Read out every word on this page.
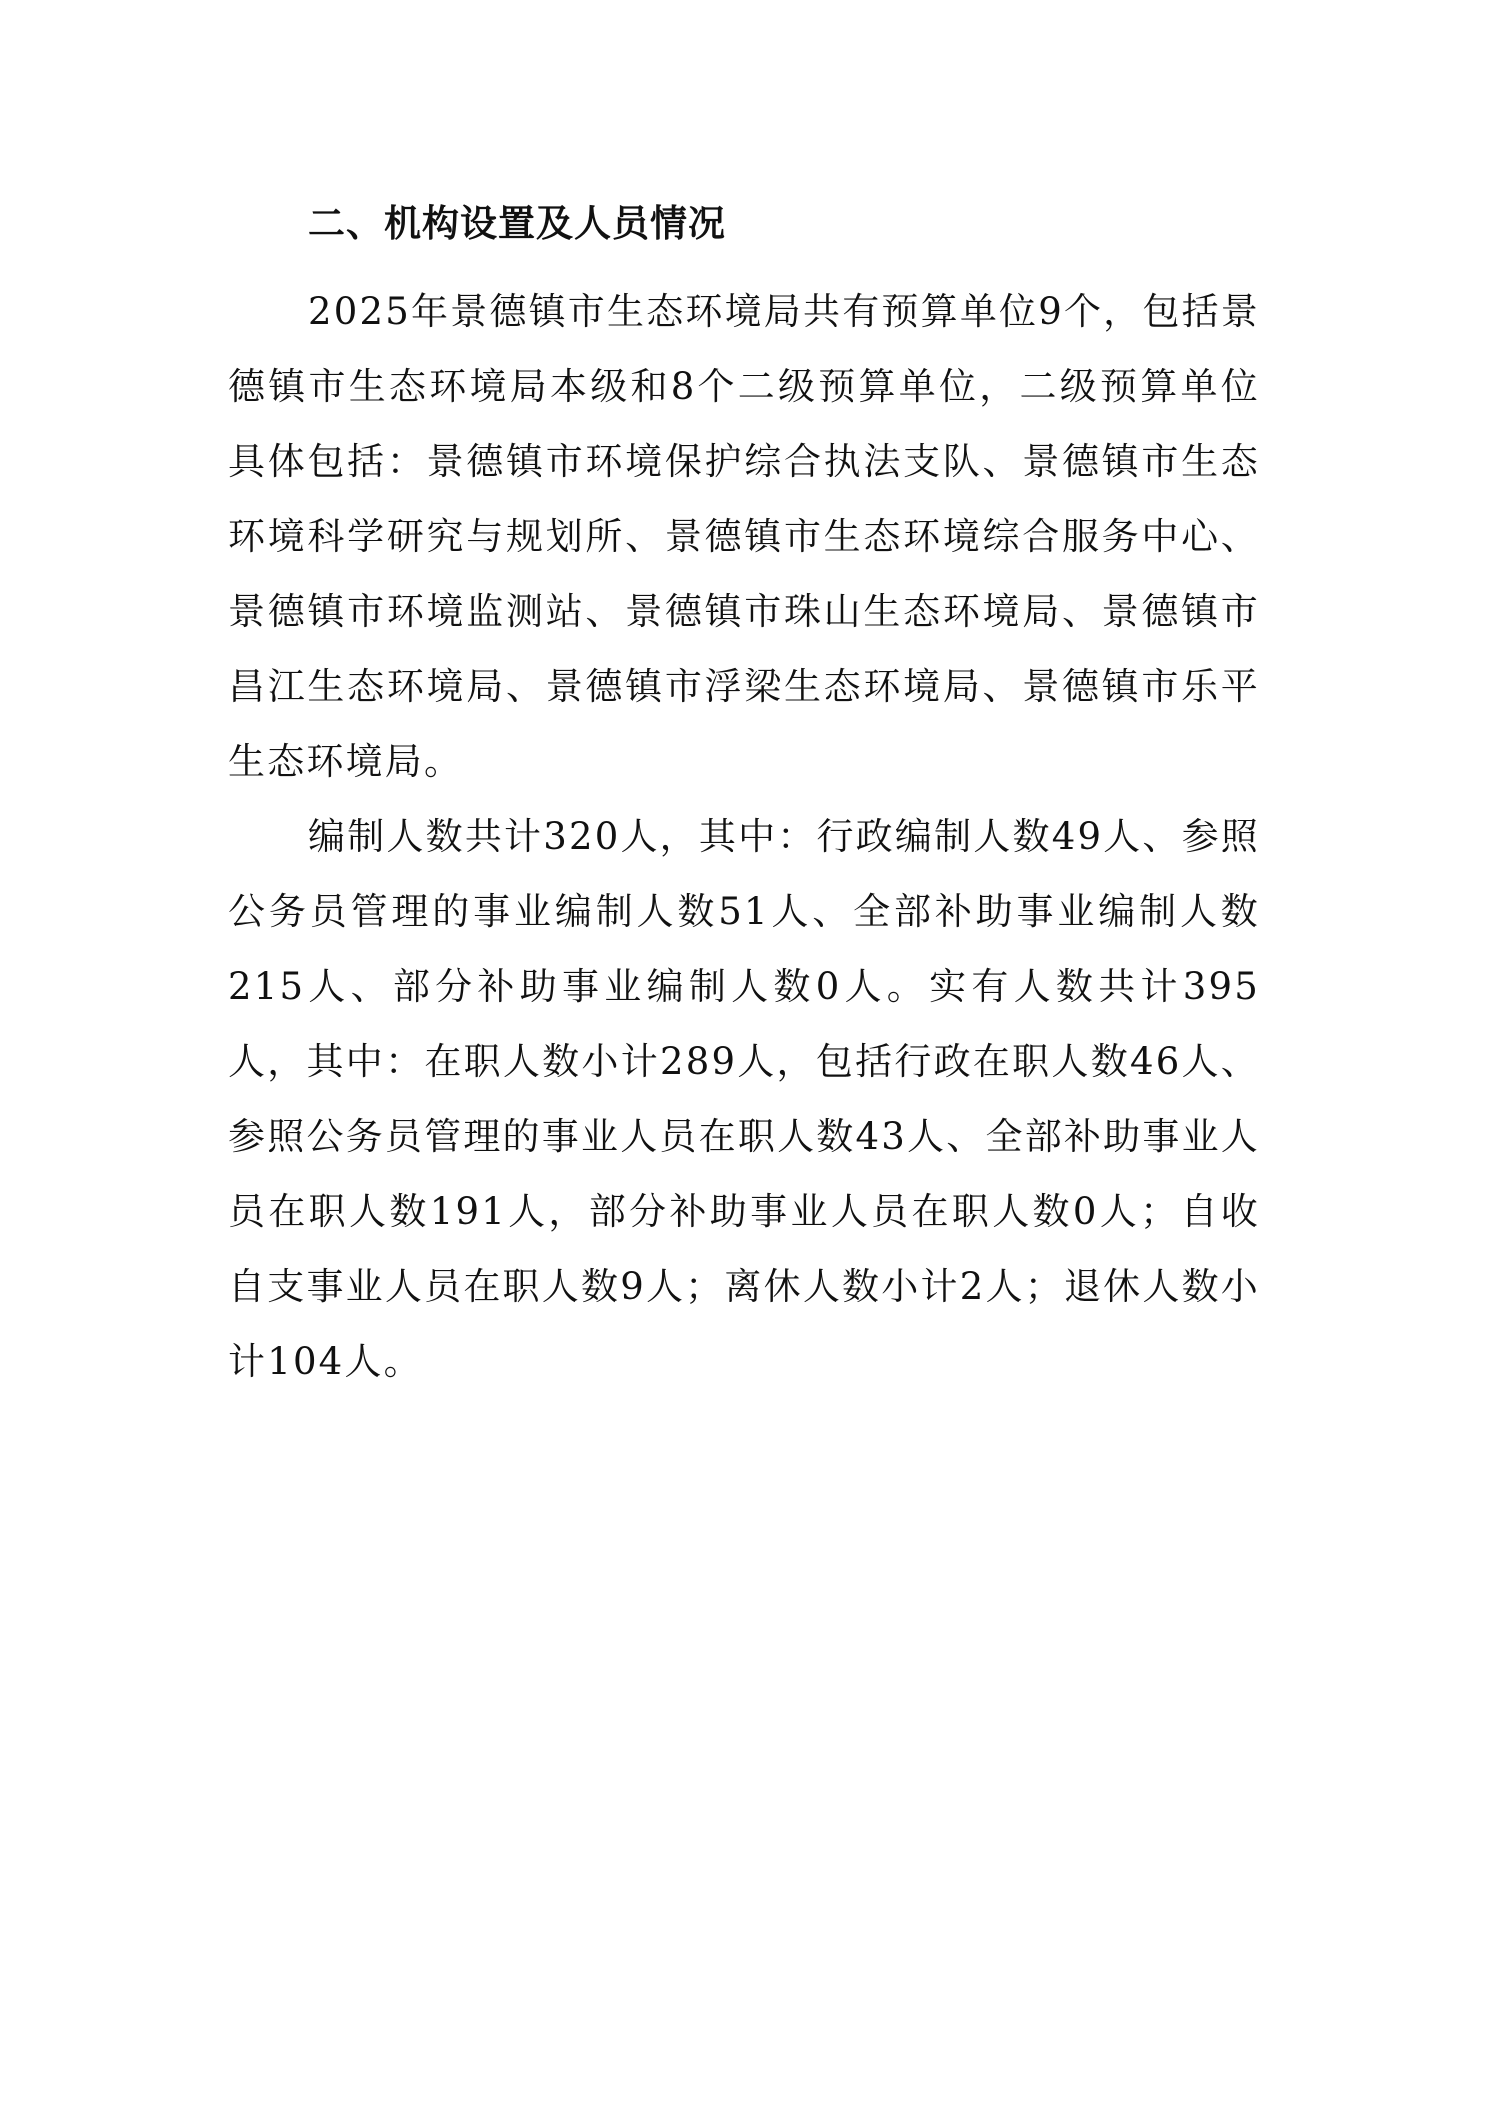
二、机构设置及人员情况

2025年景德镇市生态环境局共有预算单位9个，包括景德镇市生态环境局本级和8个二级预算单位，二级预算单位具体包括：景德镇市环境保护综合执法支队、景德镇市生态环境科学研究与规划所、景德镇市生态环境综合服务中心、景德镇市环境监测站、景德镇市珠山生态环境局、景德镇市昌江生态环境局、景德镇市浮梁生态环境局、景德镇市乐平生态环境局。

编制人数共计320人，其中：行政编制人数49人、参照公务员管理的事业编制人数51人、全部补助事业编制人数215人、部分补助事业编制人数0人。实有人数共计395人，其中：在职人数小计289人，包括行政在职人数46人、参照公务员管理的事业人员在职人数43人、全部补助事业人员在职人数191人，部分补助事业人员在职人数0人；自收自支事业人员在职人数9人；离休人数小计2人；退休人数小计104人。
